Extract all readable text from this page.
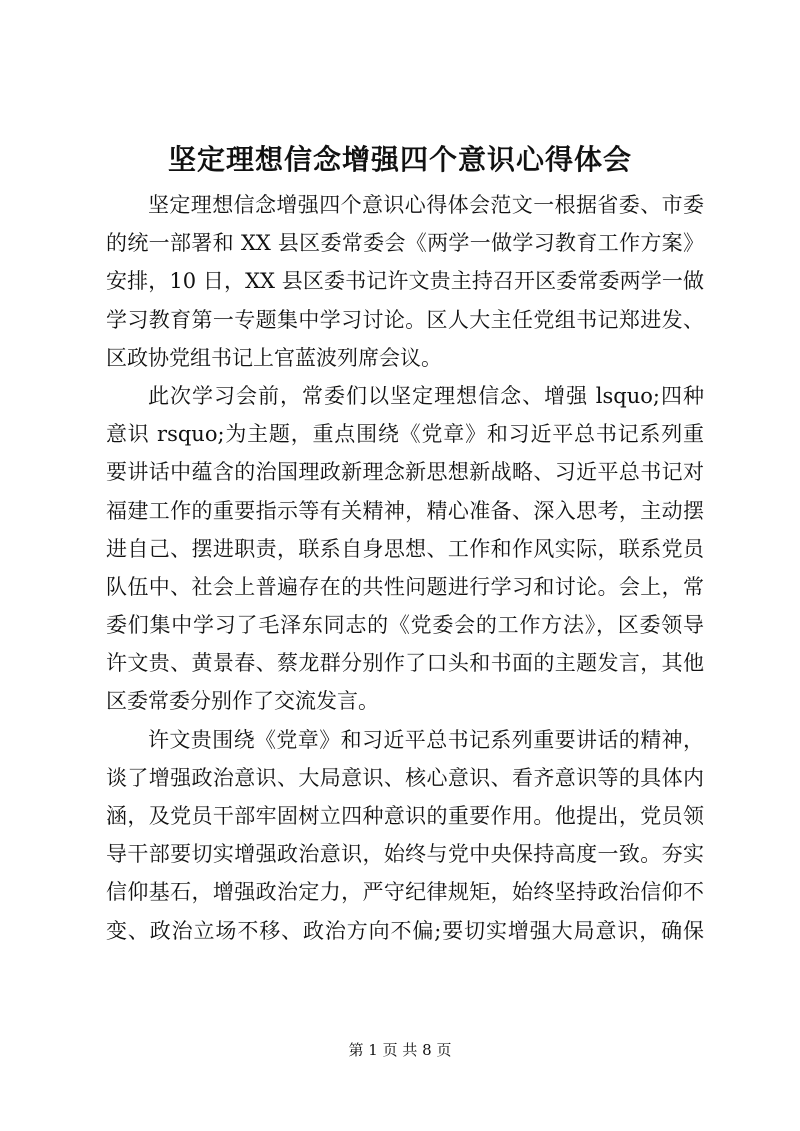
坚定理想信念增强四个意识心得体会
坚定理想信念增强四个意识心得体会范文一根据省委、市委
的统一部署和 XX 县区委常委会《两学一做学习教育工作方案》
安排，10 日，XX 县区委书记许文贵主持召开区委常委两学一做
学习教育第一专题集中学习讨论。区人大主任党组书记郑进发、
区政协党组书记上官蓝波列席会议。
此次学习会前，常委们以坚定理想信念、增强 lsquo;四种
意识 rsquo;为主题，重点围绕《党章》和习近平总书记系列重
要讲话中蕴含的治国理政新理念新思想新战略、习近平总书记对
福建工作的重要指示等有关精神，精心准备、深入思考，主动摆
进自己、摆进职责，联系自身思想、工作和作风实际，联系党员
队伍中、社会上普遍存在的共性问题进行学习和讨论。会上，常
委们集中学习了毛泽东同志的《党委会的工作方法》，区委领导
许文贵、黄景春、蔡龙群分别作了口头和书面的主题发言，其他
区委常委分别作了交流发言。
许文贵围绕《党章》和习近平总书记系列重要讲话的精神，
谈了增强政治意识、大局意识、核心意识、看齐意识等的具体内
涵，及党员干部牢固树立四种意识的重要作用。他提出，党员领
导干部要切实增强政治意识，始终与党中央保持高度一致。夯实
信仰基石，增强政治定力，严守纪律规矩，始终坚持政治信仰不
变、政治立场不移、政治方向不偏;要切实增强大局意识，确保
第 1 页 共 8 页
